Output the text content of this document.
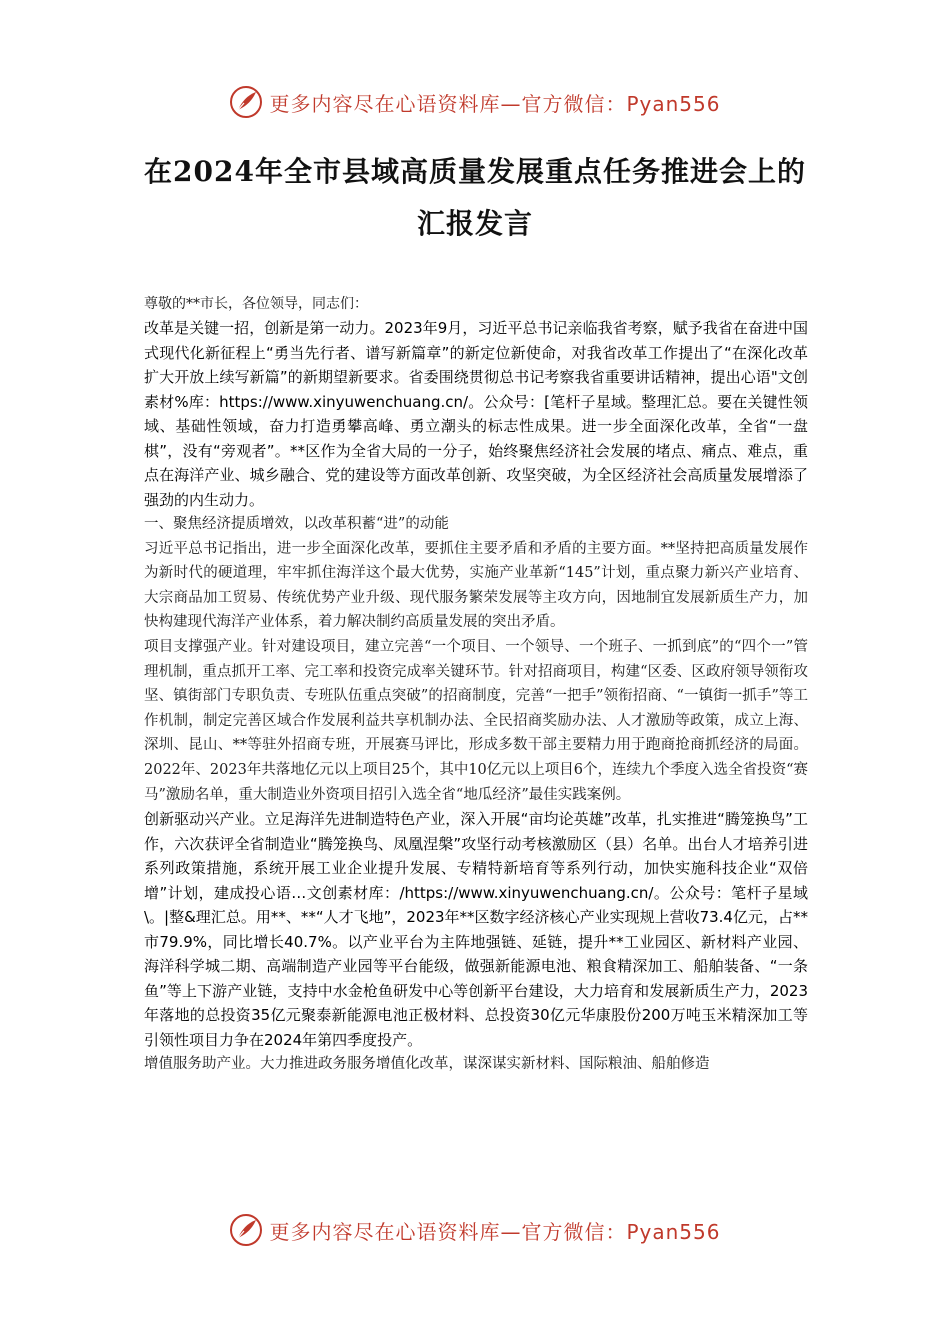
更多内容尽在心语资料库—官方微信：Pyan556
在2024年全市县域高质量发展重点任务推进会上的
汇报发言

尊敬的**市长，各位领导，同志们：

改革是关键一招，创新是第一动力。2023年9月，习近平总书记亲临我省考察，赋予我省在奋进中国式现代化新征程上“勇当先行者、谱写新篇章”的新定位新使命，对我省改革工作提出了“在深化改革扩大开放上续写新篇”的新期望新要求。省委围绕贯彻总书记考察我省重要讲话精神，提出心语"文创素材%库：https://www.xinyuwenchuang.cn/。公众号：[笔杆子星域。整理汇总。要在关键性领域、基础性领域，奋力打造勇攀高峰、勇立潮头的标志性成果。进一步全面深化改革，全省“一盘棋”，没有“旁观者”。**区作为全省大局的一分子，始终聚焦经济社会发展的堵点、痛点、难点，重点在海洋产业、城乡融合、党的建设等方面改革创新、攻坚突破，为全区经济社会高质量发展增添了强劲的内生动力。

一、聚焦经济提质增效，以改革积蓄“进”的动能

习近平总书记指出，进一步全面深化改革，要抓住主要矛盾和矛盾的主要方面。**坚持把高质量发展作为新时代的硬道理，牢牢抓住海洋这个最大优势，实施产业革新“145”计划，重点聚力新兴产业培育、大宗商品加工贸易、传统优势产业升级、现代服务繁荣发展等主攻方向，因地制宜发展新质生产力，加快构建现代海洋产业体系，着力解决制约高质量发展的突出矛盾。

项目支撑强产业。针对建设项目，建立完善“一个项目、一个领导、一个班子、一抓到底”的“四个一”管理机制，重点抓开工率、完工率和投资完成率关键环节。针对招商项目，构建“区委、区政府领导领衔攻坚、镇街部门专职负责、专班队伍重点突破”的招商制度，完善“一把手”领衔招商、“一镇街一抓手”等工作机制，制定完善区域合作发展利益共享机制办法、全民招商奖励办法、人才激励等政策，成立上海、深圳、昆山、**等驻外招商专班，开展赛马评比，形成多数干部主要精力用于跑商抢商抓经济的局面。2022年、2023年共落地亿元以上项目25个，其中10亿元以上项目6个，连续九个季度入选全省投资“赛马”激励名单，重大制造业外资项目招引入选全省“地瓜经济”最佳实践案例。

创新驱动兴产业。立足海洋先进制造特色产业，深入开展“亩均论英雄”改革，扎实推进“腾笼换鸟”工作，六次获评全省制造业“腾笼换鸟、凤凰涅槃”攻坚行动考核激励区（县）名单。出台人才培养引进系列政策措施，系统开展工业企业提升发展、专精特新培育等系列行动，加快实施科技企业“双倍增”计划，建成投心语…文创素材库：/https://www.xinyuwenchuang.cn/。公众号：笔杆子星域\。|整&理汇总。用**、**“人才飞地”，2023年**区数字经济核心产业实现规上营收73.4亿元，占**市79.9%，同比增长40.7%。以产业平台为主阵地强链、延链，提升**工业园区、新材料产业园、海洋科学城二期、高端制造产业园等平台能级，做强新能源电池、粮食精深加工、船舶装备、“一条鱼”等上下游产业链，支持中水金枪鱼研发中心等创新平台建设，大力培育和发展新质生产力，2023年落地的总投资35亿元聚泰新能源电池正极材料、总投资30亿元华康股份200万吨玉米精深加工等引领性项目力争在2024年第四季度投产。

增值服务助产业。大力推进政务服务增值化改革，谋深谋实新材料、国际粮油、船舶修造

更多内容尽在心语资料库—官方微信：Pyan556
